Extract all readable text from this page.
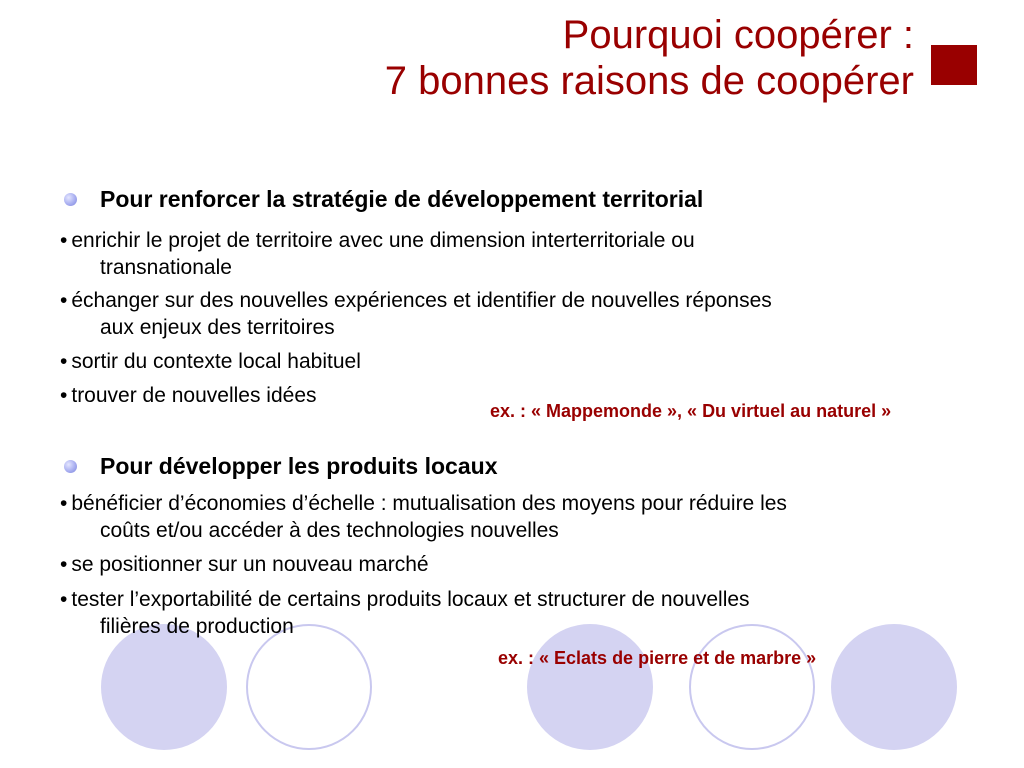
Pourquoi coopérer :
7 bonnes raisons de coopérer
Pour renforcer la stratégie de développement territorial
• enrichir le projet de territoire avec une dimension interterritoriale ou
transnationale
• échanger sur des nouvelles expériences et identifier de nouvelles réponses
aux enjeux des territoires
• sortir du contexte local habituel
• trouver de nouvelles idées
Pour développer les produits locaux
• bénéficier d’économies d’échelle : mutualisation des moyens pour réduire les
coûts et/ou accéder à des technologies nouvelles
• se positionner sur un nouveau marché
• tester l’exportabilité de certains produits locaux et structurer de nouvelles
filières de production
ex. : « Mappemonde », « Du virtuel au naturel »
ex. : « Eclats de pierre et de marbre »
